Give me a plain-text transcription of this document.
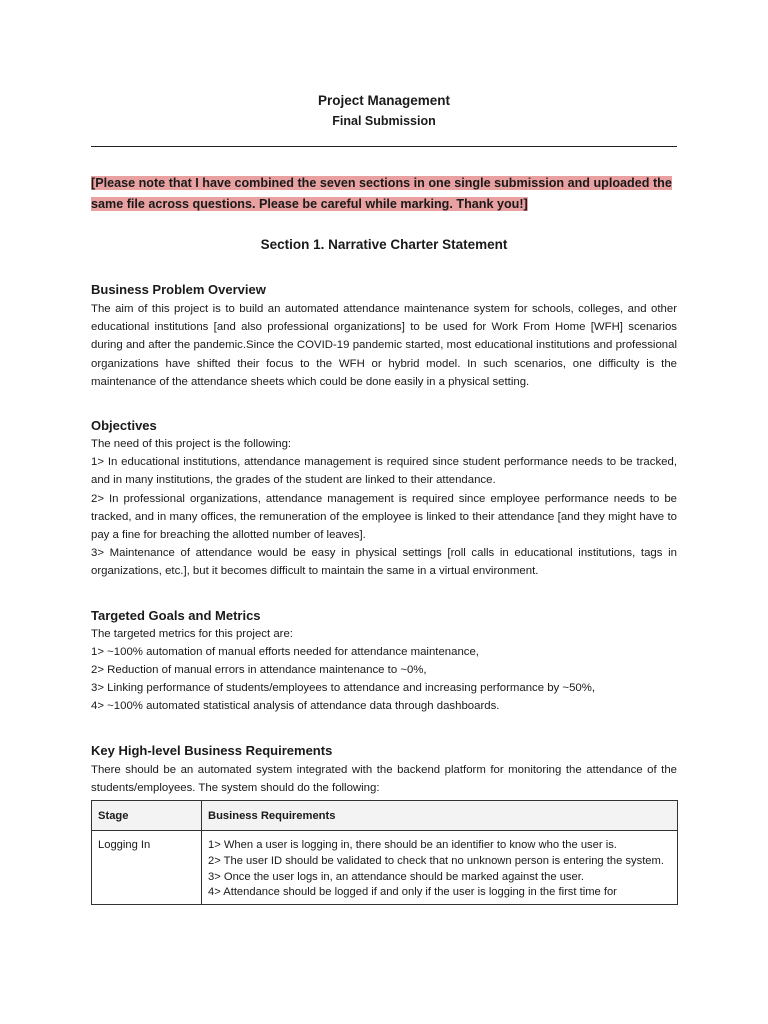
Project Management

Final Submission

[Please note that I have combined the seven sections in one single submission and uploaded the same file across questions. Please be careful while marking. Thank you!]
Section 1. Narrative Charter Statement
Business Problem Overview

The aim of this project is to build an automated attendance maintenance system for schools, colleges, and other educational institutions [and also professional organizations] to be used for Work From Home [WFH] scenarios during and after the pandemic.Since the COVID-19 pandemic started, most educational institutions and professional organizations have shifted their focus to the WFH or hybrid model. In such scenarios, one difficulty is the maintenance of the attendance sheets which could be done easily in a physical setting.

Objectives

The need of this project is the following:

1> In educational institutions, attendance management is required since student performance needs to be tracked, and in many institutions, the grades of the student are linked to their attendance.

2> In professional organizations, attendance management is required since employee performance needs to be tracked, and in many offices, the remuneration of the employee is linked to their attendance [and they might have to pay a fine for breaching the allotted number of leaves].

3> Maintenance of attendance would be easy in physical settings [roll calls in educational institutions, tags in organizations, etc.], but it becomes difficult to maintain the same in a virtual environment.

Targeted Goals and Metrics

The targeted metrics for this project are:

1> ~100% automation of manual efforts needed for attendance maintenance,

2> Reduction of manual errors in attendance maintenance to ~0%,

3> Linking performance of students/employees to attendance and increasing performance by ~50%,

4> ~100% automated statistical analysis of attendance data through dashboards.

Key High-level Business Requirements

There should be an automated system integrated with the backend platform for monitoring the attendance of the students/employees. The system should do the following:

Stage	Business Requirements
Logging In	1> When a user is logging in, there should be an identifier to know who the user is.

2> The user ID should be validated to check that no unknown person is entering the system.

3> Once the user logs in, an attendance should be marked against the user.

4> Attendance should be logged if and only if the user is logging in the first time for
